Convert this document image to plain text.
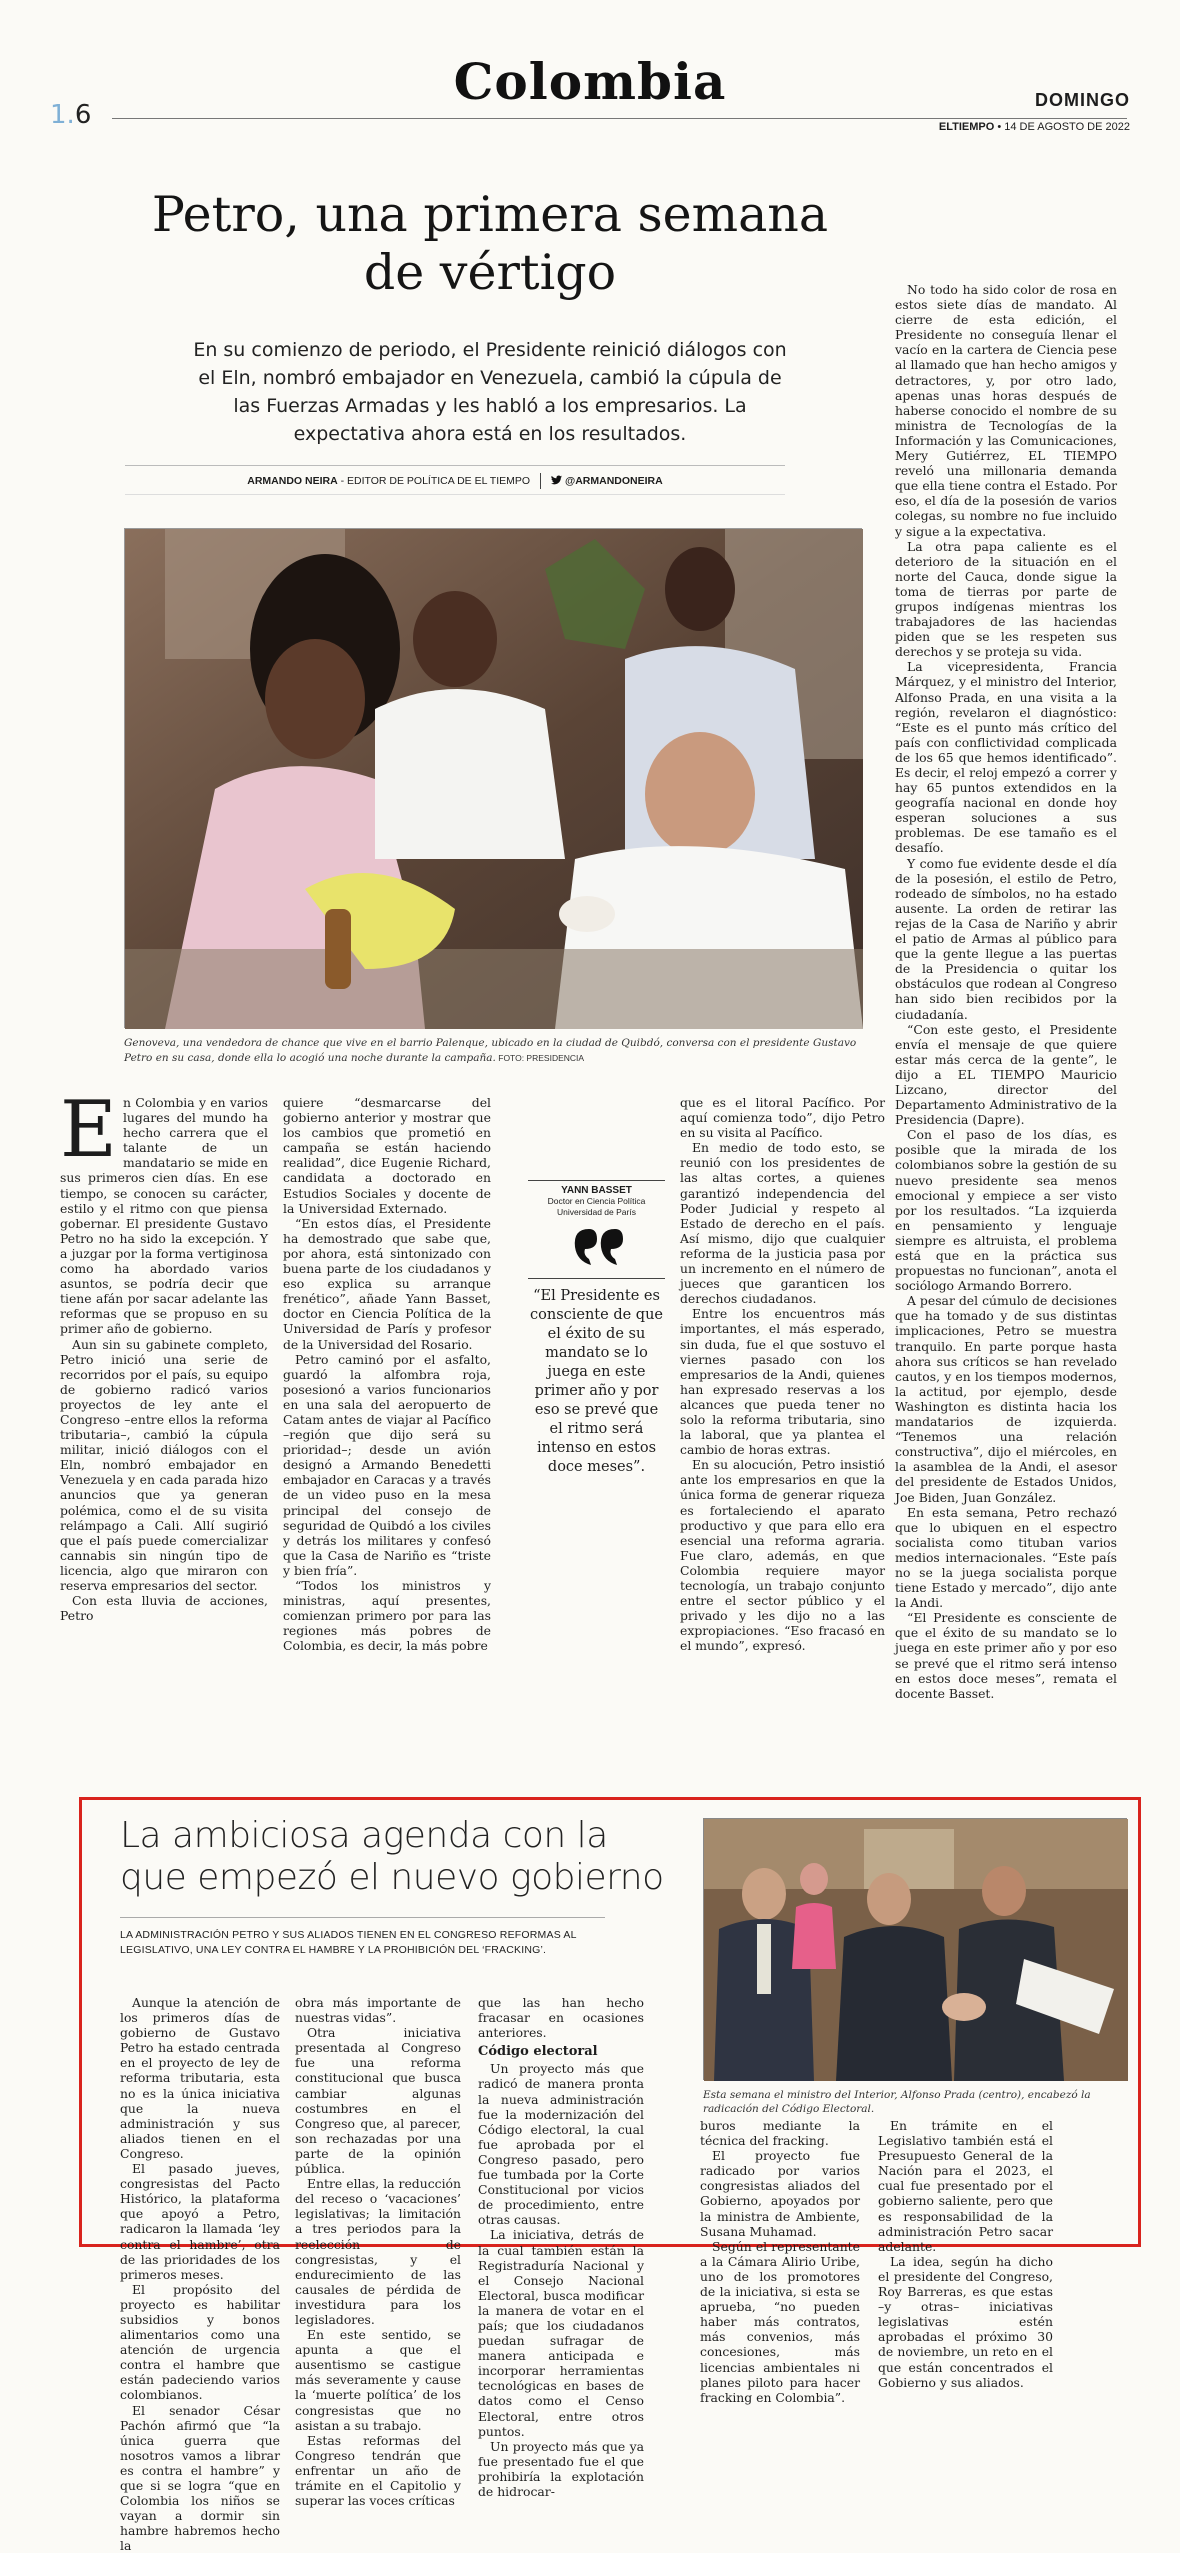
Colombia
1.6	DOMINGO
ELTIEMPO • 14 DE AGOSTO DE 2022
Petro, una primera semana de vértigo
En su comienzo de periodo, el Presidente reinició diálogos con el Eln, nombró embajador en Venezuela, cambió la cúpula de las Fuerzas Armadas y les habló a los empresarios. La expectativa ahora está en los resultados.
ARMANDO NEIRA - EDITOR DE POLÍTICA DE EL TIEMPO	@ARMANDONEIRA
Genoveva, una vendedora de chance que vive en el barrio Palenque, ubicado en la ciudad de Quibdó, conversa con el presidente Gustavo Petro en su casa, donde ella lo acogió una noche durante la campaña. FOTO: PRESIDENCIA

En Colombia y en varios lugares del mundo ha hecho carrera que el talante de un mandatario se mide en sus primeros cien días. En ese tiempo, se conocen su carácter, estilo y el ritmo con que piensa gobernar. El presidente Gustavo Petro no ha sido la excepción. Y a juzgar por la forma vertiginosa como ha abordado varios asuntos, se podría decir que tiene afán por sacar adelante las reformas que se propuso en su primer año de gobierno.

Aun sin su gabinete completo, Petro inició una serie de recorridos por el país, su equipo de gobierno radicó varios proyectos de ley ante el Congreso –entre ellos la reforma tributaria–, cambió la cúpula militar, inició diálogos con el Eln, nombró embajador en Venezuela y en cada parada hizo anuncios que ya generan polémica, como el de su visita relámpago a Cali. Allí sugirió que el país puede comercializar cannabis sin ningún tipo de licencia, algo que miraron con reserva empresarios del sector.

Con esta lluvia de acciones, Petro

quiere “desmarcarse del gobierno anterior y mostrar que los cambios que prometió en campaña se están haciendo realidad”, dice Eugenie Richard, candidata a doctorado en Estudios Sociales y docente de la Universidad Externado.

“En estos días, el Presidente ha demostrado que sabe que, por ahora, está sintonizado con buena parte de los ciudadanos y eso explica su arranque frenético”, añade Yann Basset, doctor en Ciencia Política de la Universidad de París y profesor de la Universidad del Rosario.

Petro caminó por el asfalto, guardó la alfombra roja, posesionó a varios funcionarios en una sala del aeropuerto de Catam antes de viajar al Pacífico –región que dijo será su prioridad–; desde un avión designó a Armando Benedetti embajador en Caracas y a través de un video puso en la mesa principal del consejo de seguridad de Quibdó a los civiles y detrás los militares y confesó que la Casa de Nariño es “triste y bien fría”.

“Todos los ministros y ministras, aquí presentes, comienzan primero por para las regiones más pobres de Colombia, es decir, la más pobre

YANN BASSET
Doctor en Ciencia Política Universidad de París
“El Presidente es consciente de que el éxito de su mandato se lo juega en este primer año y por eso se prevé que el ritmo será intenso en estos doce meses”.

que es el litoral Pacífico. Por aquí comienza todo”, dijo Petro en su visita al Pacífico.

En medio de todo esto, se reunió con los presidentes de las altas cortes, a quienes garantizó independencia del Poder Judicial y respeto al Estado de derecho en el país. Así mismo, dijo que cualquier reforma de la justicia pasa por un incremento en el número de jueces que garanticen los derechos ciudadanos.

Entre los encuentros más importantes, el más esperado, sin duda, fue el que sostuvo el viernes pasado con los empresarios de la Andi, quienes han expresado reservas a los alcances que pueda tener no solo la reforma tributaria, sino la laboral, que ya plantea el cambio de horas extras.

En su alocución, Petro insistió ante los empresarios en que la única forma de generar riqueza es fortaleciendo el aparato productivo y que para ello era esencial una reforma agraria. Fue claro, además, en que Colombia requiere mayor tecnología, un trabajo conjunto entre el sector público y el privado y les dijo no a las expropiaciones. “Eso fracasó en el mundo”, expresó.

No todo ha sido color de rosa en estos siete días de mandato. Al cierre de esta edición, el Presidente no conseguía llenar el vacío en la cartera de Ciencia pese al llamado que han hecho amigos y detractores, y, por otro lado, apenas unas horas después de haberse conocido el nombre de su ministra de Tecnologías de la Información y las Comunicaciones, Mery Gutiérrez, EL TIEMPO reveló una millonaria demanda que ella tiene contra el Estado. Por eso, el día de la posesión de varios colegas, su nombre no fue incluido y sigue a la expectativa.

La otra papa caliente es el deterioro de la situación en el norte del Cauca, donde sigue la toma de tierras por parte de grupos indígenas mientras los trabajadores de las haciendas piden que se les respeten sus derechos y se proteja su vida.

La vicepresidenta, Francia Márquez, y el ministro del Interior, Alfonso Prada, en una visita a la región, revelaron el diagnóstico: “Este es el punto más crítico del país con conflictividad complicada de los 65 que hemos identificado”. Es decir, el reloj empezó a correr y hay 65 puntos extendidos en la geografía nacional en donde hoy esperan soluciones a sus problemas. De ese tamaño es el desafío.

Y como fue evidente desde el día de la posesión, el estilo de Petro, rodeado de símbolos, no ha estado ausente. La orden de retirar las rejas de la Casa de Nariño y abrir el patio de Armas al público para que la gente llegue a las puertas de la Presidencia o quitar los obstáculos que rodean al Congreso han sido bien recibidos por la ciudadanía.

“Con este gesto, el Presidente envía el mensaje de que quiere estar más cerca de la gente”, le dijo a EL TIEMPO Mauricio Lizcano, director del Departamento Administrativo de la Presidencia (Dapre).

Con el paso de los días, es posible que la mirada de los colombianos sobre la gestión de su nuevo presidente sea menos emocional y empiece a ser visto por los resultados. “La izquierda en pensamiento y lenguaje siempre es altruista, el problema está que en la práctica sus propuestas no funcionan”, anota el sociólogo Armando Borrero.

A pesar del cúmulo de decisiones que ha tomado y de sus distintas implicaciones, Petro se muestra tranquilo. En parte porque hasta ahora sus críticos se han revelado cautos, y en los tiempos modernos, la actitud, por ejemplo, desde Washington es distinta hacia los mandatarios de izquierda. “Tenemos una relación constructiva”, dijo el miércoles, en la asamblea de la Andi, el asesor del presidente de Estados Unidos, Joe Biden, Juan González.

En esta semana, Petro rechazó que lo ubiquen en el espectro socialista como tituban varios medios internacionales. “Este país no se la juega socialista porque tiene Estado y mercado”, dijo ante la Andi.

“El Presidente es consciente de que el éxito de su mandato se lo juega en este primer año y por eso se prevé que el ritmo será intenso en estos doce meses”, remata el docente Basset.

La ambiciosa agenda con la que empezó el nuevo gobierno
LA ADMINISTRACIÓN PETRO Y SUS ALIADOS TIENEN EN EL CONGRESO REFORMAS AL LEGISLATIVO, UNA LEY CONTRA EL HAMBRE Y LA PROHIBICIÓN DEL ‘FRACKING’.
Esta semana el ministro del Interior, Alfonso Prada (centro), encabezó la radicación del Código Electoral.

Aunque la atención de los primeros días de gobierno de Gustavo Petro ha estado centrada en el proyecto de ley de reforma tributaria, esta no es la única iniciativa que la nueva administración y sus aliados tienen en el Congreso.

El pasado jueves, congresistas del Pacto Histórico, la plataforma que apoyó a Petro, radicaron la llamada ‘ley contra el hambre’, otra de las prioridades de los primeros meses.

El propósito del proyecto es habilitar subsidios y bonos alimentarios como una atención de urgencia contra el hambre que están padeciendo varios colombianos.

El senador César Pachón afirmó que “la única guerra que nosotros vamos a librar es contra el hambre” y que si se logra “que en Colombia los niños se vayan a dormir sin hambre habremos hecho la

obra más importante de nuestras vidas”.

Otra iniciativa presentada al Congreso fue una reforma constitucional que busca cambiar algunas costumbres en el Congreso que, al parecer, son rechazadas por una parte de la opinión pública.

Entre ellas, la reducción del receso o ‘vacaciones’ legislativas; la limitación a tres periodos para la reelección de congresistas, y el endurecimiento de las causales de pérdida de investidura para los legisladores.

En este sentido, se apunta a que el ausentismo se castigue más severamente y cause la ‘muerte política’ de los congresistas que no asistan a su trabajo.

Estas reformas del Congreso tendrán que enfrentar un año de trámite en el Capitolio y superar las voces críticas

que las han hecho fracasar en ocasiones anteriores.

Código electoral

Un proyecto más que radicó de manera pronta la nueva administración fue la modernización del Código electoral, la cual fue aprobada por el Congreso pasado, pero fue tumbada por la Corte Constitucional por vicios de procedimiento, entre otras causas.

La iniciativa, detrás de la cual también están la Registraduría Nacional y el Consejo Nacional Electoral, busca modificar la manera de votar en el país; que los ciudadanos puedan sufragar de manera anticipada e incorporar herramientas tecnológicas en bases de datos como el Censo Electoral, entre otros puntos.

Un proyecto más que ya fue presentado fue el que prohibiría la explotación de hidrocar-

buros mediante la técnica del fracking.

El proyecto fue radicado por varios congresistas aliados del Gobierno, apoyados por la ministra de Ambiente, Susana Muhamad.

Según el representante a la Cámara Alirio Uribe, uno de los promotores de la iniciativa, si esta se aprueba, “no pueden haber más contratos, más convenios, más concesiones, más licencias ambientales ni planes piloto para hacer fracking en Colombia”.

En trámite en el Legislativo también está el Presupuesto General de la Nación para el 2023, el cual fue presentado por el gobierno saliente, pero que es responsabilidad de la administración Petro sacar adelante.

La idea, según ha dicho el presidente del Congreso, Roy Barreras, es que estas –y otras– iniciativas legislativas estén aprobadas el próximo 30 de noviembre, un reto en el que están concentrados el Gobierno y sus aliados.
